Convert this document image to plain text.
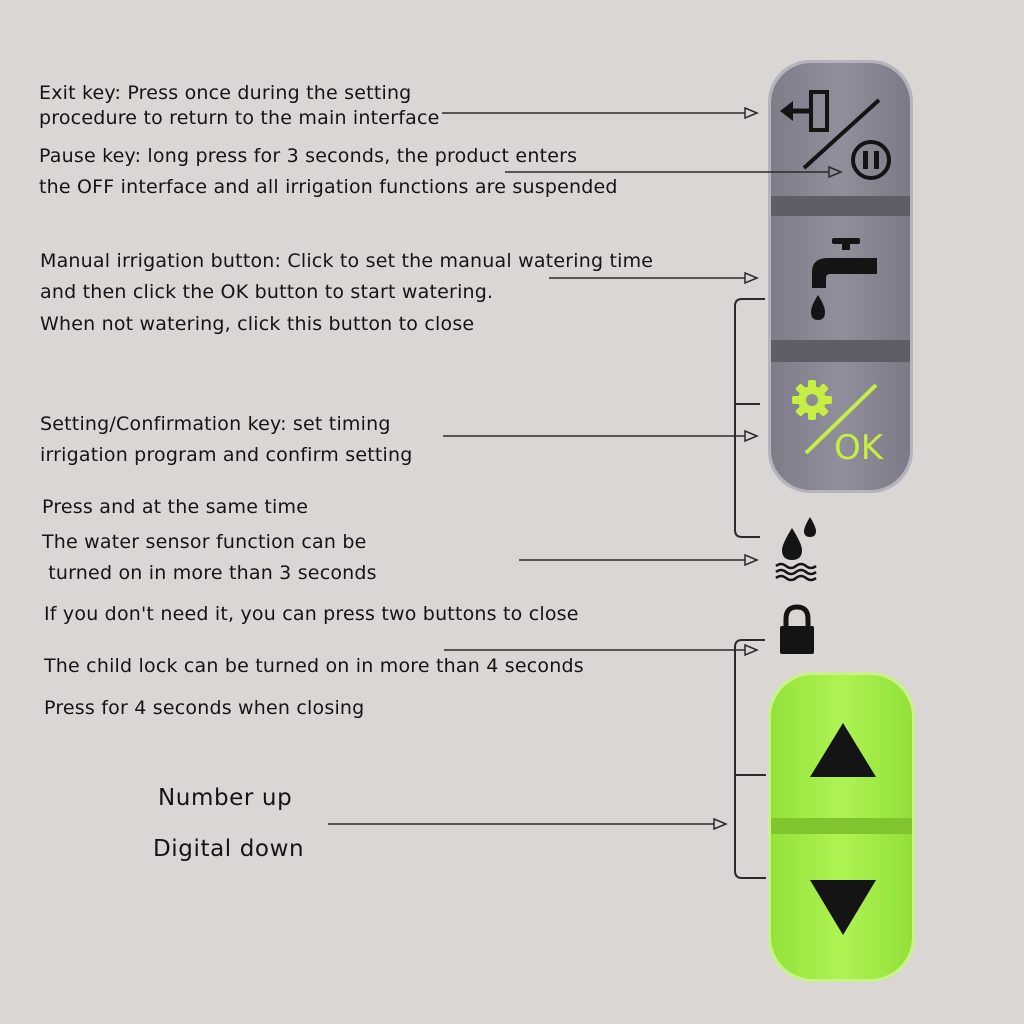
Exit key: Press once during the setting
procedure to return to the main interface
Pause key: long press for 3 seconds, the product enters
the OFF interface and all irrigation functions are suspended
Manual irrigation button: Click to set the manual watering time
and then click the OK button to start watering.
When not watering, click this button to close
Setting/Confirmation key: set timing
irrigation program and confirm setting
Press and at the same time
The water sensor function can be
turned on in more than 3 seconds
If you don't need it, you can press two buttons to close
The child lock can be turned on in more than 4 seconds
Press for 4 seconds when closing
Number up
Digital down
OK
